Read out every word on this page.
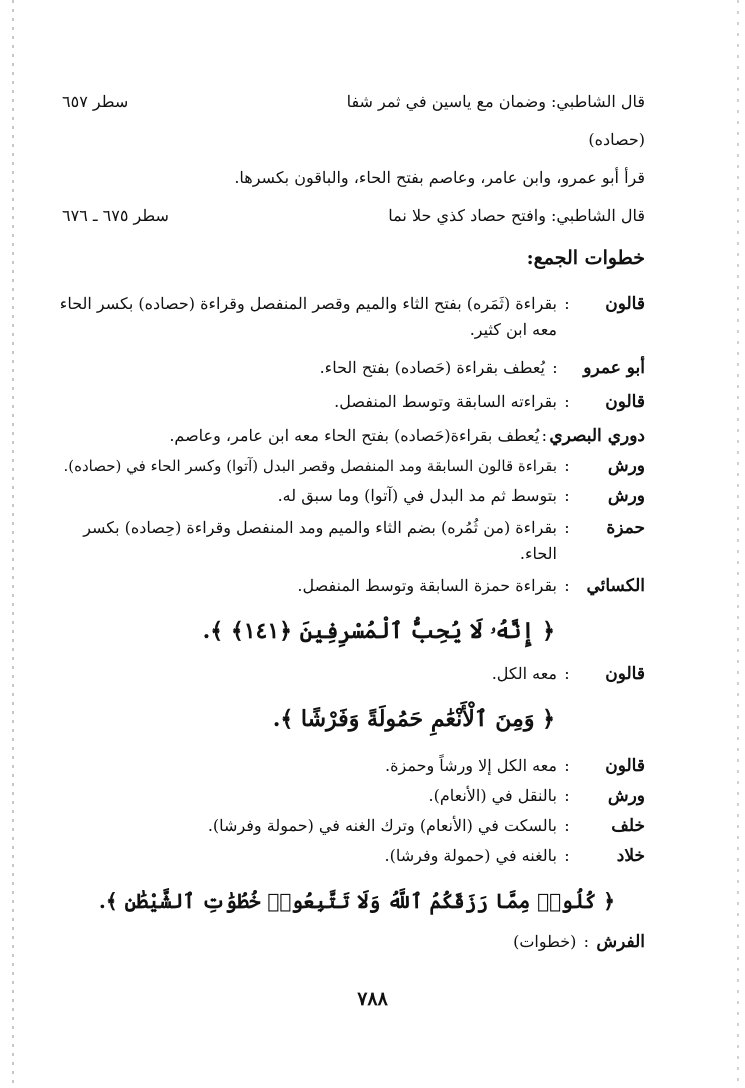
قال الشاطبي: وضمان مع ياسين في ثمر شفا
سطر ٦٥٧
(حصاده)
قرأ أبو عمرو، وابن عامر، وعاصم بفتح الحاء، والباقون بكسرها.
قال الشاطبي: وافتح حصاد كذي حلا نما
سطر ٦٧٥ ـ ٦٧٦
خطوات الجمع:
قالون:بقراءة (ثَمَره) بفتح الثاء والميم وقصر المنفصل وقراءة (حصاده) بكسر الحاء
معه ابن كثير.
أبو عمرو:يُعطف بقراءة (حَصاده) بفتح الحاء.
قالون:بقراءته السابقة وتوسط المنفصل.
دوري البصري:يُعطف بقراءة(حَصاده) بفتح الحاء معه ابن عامر، وعاصم.
ورش:بقراءة قالون السابقة ومد المنفصل وقصر البدل (آتوا) وكسر الحاء في (حصاده).
ورش:بتوسط ثم مد البدل في (آتوا) وما سبق له.
حمزة:بقراءة (من ثُمُره) بضم الثاء والميم ومد المنفصل وقراءة (حِصاده) بكسر
الحاء.
الكسائي:بقراءة حمزة السابقة وتوسط المنفصل.
﴿ إِنَّهُۥ لَا يُحِبُّ ٱلْمُسْرِفِينَ ﴿١٤١﴾ ﴾.
قالون:معه الكل.
﴿ وَمِنَ ٱلْأَنْعَٰمِ حَمُولَةً وَفَرْشًا ﴾.
قالون:معه الكل إلا ورشاً وحمزة.
ورش:بالنقل في (الأنعام).
خلف:بالسكت في (الأنعام) وترك الغنه في (حمولة وفرشا).
خلاد:بالغنه في (حمولة وفرشا).
﴿ كُلُوا۟ مِمَّا رَزَقَكُمُ ٱللَّهُ وَلَا تَتَّبِعُوا۟ خُطُوَٰتِ ٱلشَّيْطَٰنِ ﴾.
الفرش:(خطوات)
٧٨٨
